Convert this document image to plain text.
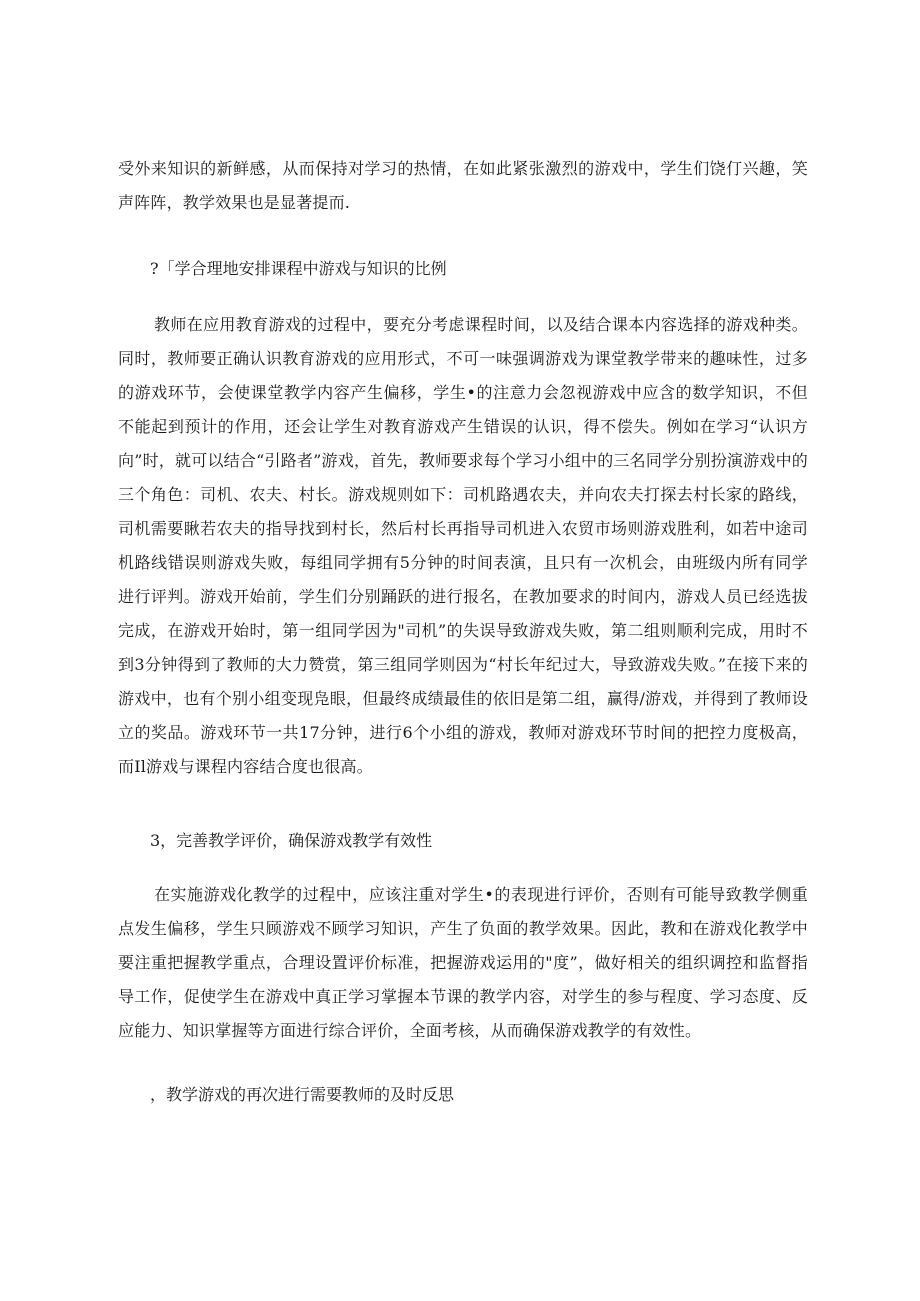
受外来知识的新鲜感，从而保持对学习的热情，在如此紧张激烈的游戏中，学生们饶仃兴趣，笑声阵阵，教学效果也是显著提而.

?「学合理地安排课程中游戏与知识的比例

教师在应用教育游戏的过程中，要充分考虑课程时间，以及结合课本内容选择的游戏种类。同时，教师要正确认识教育游戏的应用形式，不可一味强调游戏为课堂教学带来的趣味性，过多的游戏环节，会使课堂教学内容产生偏移，学生•的注意力会忽视游戏中应含的数学知识，不但不能起到预计的作用，还会让学生对教育游戏产生错误的认识，得不偿失。例如在学习“认识方向”时，就可以结合“引路者”游戏，首先，教师要求每个学习小组中的三名同学分别扮演游戏中的三个角色：司机、农夫、村长。游戏规则如下：司机路遇农夫，并向农夫打探去村长家的路线，司机需要瞅若农夫的指导找到村长，然后村长再指导司机进入农贸市场则游戏胜利，如若中途司机路线错误则游戏失败，每组同学拥有5分钟的时间表演，且只有一次机会，由班级内所有同学进行评判。游戏开始前，学生们分别踊跃的进行报名，在教加要求的时间内，游戏人员已经选拔完成，在游戏开始时，第一组同学因为"司机”的失误导致游戏失败，第二组则顺利完成，用时不到3分钟得到了教师的大力赞赏，第三组同学则因为“村长年纪过大，导致游戏失败。”在接下来的游戏中，也有个别小组变现凫眼，但最终成绩最佳的依旧是第二组，赢得/游戏，并得到了教师设立的奖品。游戏环节一共17分钟，进行6个小组的游戏，教师对游戏环节时间的把控力度极高，而Il游戏与课程内容结合度也很高。

3，完善教学评价，确保游戏教学有效性

在实施游戏化教学的过程中，应该注重对学生•的表现进行评价，否则有可能导致教学侧重点发生偏移，学生只顾游戏不顾学习知识，产生了负面的教学效果。因此，教和在游戏化教学中要注重把握教学重点，合理设置评价标准，把握游戏运用的"度”，做好相关的组织调控和监督指导工作，促使学生在游戏中真正学习掌握本节课的教学内容，对学生的参与程度、学习态度、反应能力、知识掌握等方面进行综合评价，全面考核，从而确保游戏教学的有效性。

，教学游戏的再次进行需要教师的及时反思
